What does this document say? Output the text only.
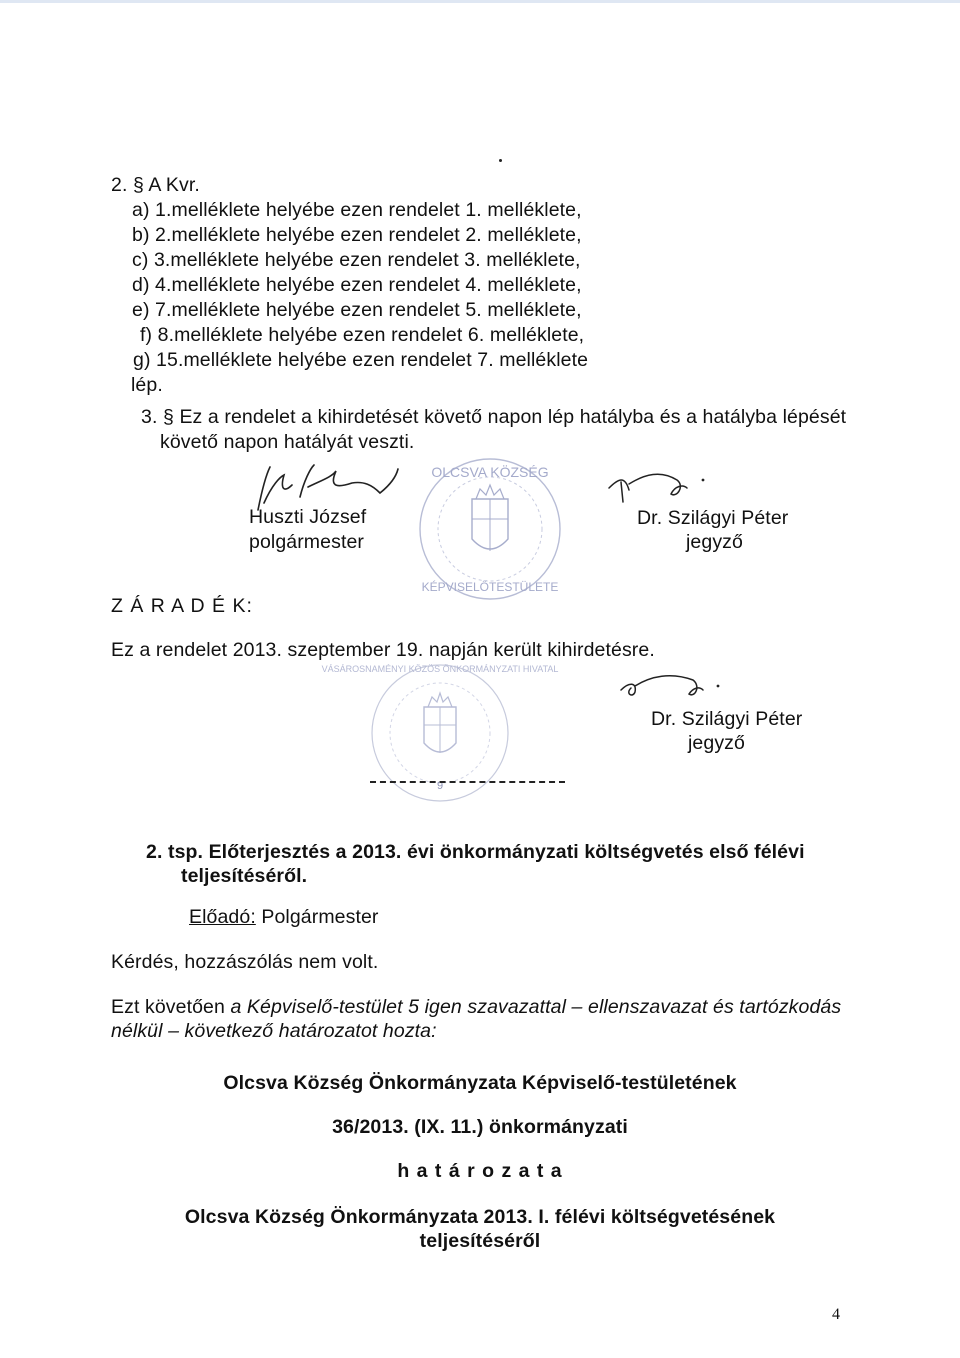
2. § A Kvr.
a) 1.melléklete helyébe ezen rendelet 1. melléklete,
b) 2.melléklete helyébe ezen rendelet 2. melléklete,
c) 3.melléklete helyébe ezen rendelet 3. melléklete,
d) 4.melléklete helyébe ezen rendelet 4. melléklete,
e) 7.melléklete helyébe ezen rendelet 5. melléklete,
f) 8.melléklete helyébe ezen rendelet 6. melléklete,
g) 15.melléklete helyébe ezen rendelet 7. melléklete
lép.
3. § Ez a rendelet a kihirdetését követő napon lép hatályba és a hatályba lépését
követő napon hatályát veszti.
Huszti József
polgármester
OLCSVA KÖZSÉG
KÉPVISELŐTESTÜLETE
Dr. Szilágyi Péter
jegyző
Z Á R A D É K:
Ez a rendelet 2013. szeptember 19. napján került kihirdetésre.
VÁSÁROSNAMÉNYI KÖZÖS ÖNKORMÁNYZATI HIVATAL
9
Dr. Szilágyi Péter
jegyző
2. tsp. Előterjesztés a 2013. évi önkormányzati költségvetés első félévi
teljesítéséről.
Előadó: Polgármester
Kérdés, hozzászólás nem volt.
Ezt követően a Képviselő-testület 5 igen szavazattal – ellenszavazat és tartózkodás
nélkül – következő határozatot hozta:
Olcsva Község Önkormányzata Képviselő-testületének
36/2013. (IX. 11.) önkormányzati
h a t á r o z a t a
Olcsva Község Önkormányzata 2013. I. félévi költségvetésének
teljesítéséről
4
